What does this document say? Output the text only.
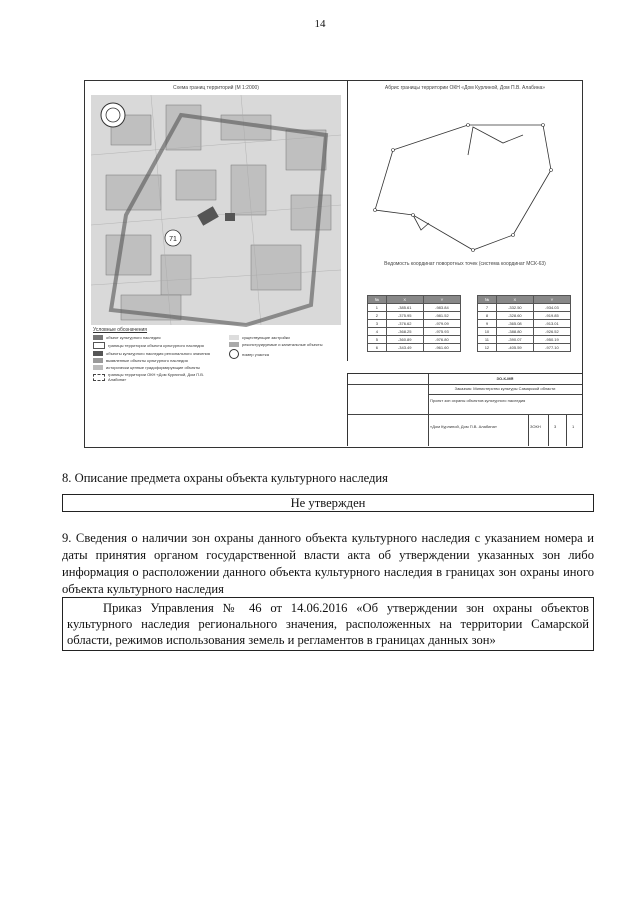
14
Схема границ территорий (М 1:2000)	Абрис границы территории ОКН «Дом Курлиной, Дом П.В. Алабина»
71
Ведомость координат поворотных точек (система координат МСК-63)
№	X	Y
1	-385.61	-983.84
2	-375.95	-981.52
3	-376.62	-979.09
4	-368.25	-975.93
5	-360.89	-976.80
6	-343.49	-961.60
№	X	Y
7	-332.50	-934.03
8	-328.60	-919.85
9	-365.08	-913.01
10	-388.80	-926.52
11	-390.07	-950.19
12	-405.59	-977.10
Условные обозначения
объект культурного наследия
границы территории объекта культурного наследия
объекты культурного наследия регионального значения
выявленные объекты культурного наследия
исторически ценные градоформирующие объекты
границы территории ОКН «Дом Курлиной, Дом П.В. Алабина»
существующие застройки
реконструируемые и капитальные объекты
номер участка
ЗО-К-МЯ
Заказчик: Министерство культуры Самарской области
Проект зон охраны объектов культурного наследия
«Дом Курлиной, Дом П.В. Алабина»	ЗОКН	3	1
8. Описание предмета охраны объекта культурного наследия
Не утвержден
9. Сведения о наличии зон охраны данного объекта культурного наследия с указанием номера и даты принятия органом государственной власти акта об утверждении указанных зон либо информация о расположении данного объекта культурного наследия в границах зон охраны иного объекта культурного наследия
Приказ Управления № 46 от 14.06.2016 «Об утверждении зон охраны объектов культурного наследия регионального значения, расположенных на территории Самарской области, режимов использования земель и регламентов в границах данных зон»
